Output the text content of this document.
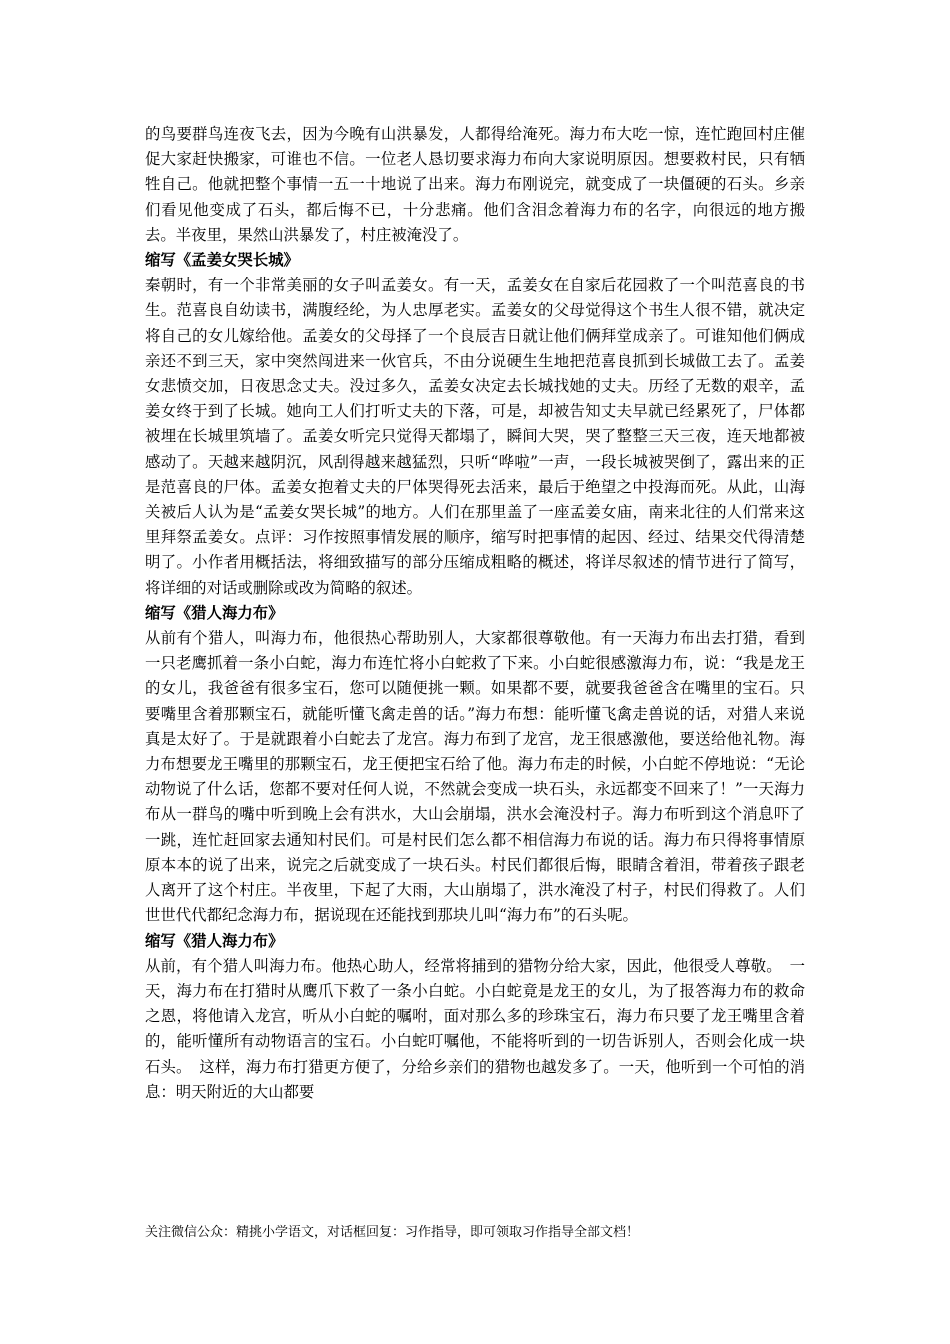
的鸟要群鸟连夜飞去，因为今晚有山洪暴发，人都得给淹死。海力布大吃一惊，连忙跑回村庄催促大家赶快搬家，可谁也不信。一位老人恳切要求海力布向大家说明原因。想要救村民，只有牺牲自己。他就把整个事情一五一十地说了出来。海力布刚说完，就变成了一块僵硬的石头。乡亲们看见他变成了石头，都后悔不已，十分悲痛。他们含泪念着海力布的名字，向很远的地方搬去。半夜里，果然山洪暴发了，村庄被淹没了。

缩写《孟姜女哭长城》

秦朝时，有一个非常美丽的女子叫孟姜女。有一天，孟姜女在自家后花园救了一个叫范喜良的书生。范喜良自幼读书，满腹经纶，为人忠厚老实。孟姜女的父母觉得这个书生人很不错，就决定将自己的女儿嫁给他。孟姜女的父母择了一个良辰吉日就让他们俩拜堂成亲了。可谁知他们俩成亲还不到三天，家中突然闯进来一伙官兵，不由分说硬生生地把范喜良抓到长城做工去了。孟姜女悲愤交加，日夜思念丈夫。没过多久，孟姜女决定去长城找她的丈夫。历经了无数的艰辛，孟姜女终于到了长城。她向工人们打听丈夫的下落，可是，却被告知丈夫早就已经累死了，尸体都被埋在长城里筑墙了。孟姜女听完只觉得天都塌了，瞬间大哭，哭了整整三天三夜，连天地都被感动了。天越来越阴沉，风刮得越来越猛烈，只听“哗啦”一声，一段长城被哭倒了，露出来的正是范喜良的尸体。孟姜女抱着丈夫的尸体哭得死去活来，最后于绝望之中投海而死。从此，山海关被后人认为是“孟姜女哭长城”的地方。人们在那里盖了一座孟姜女庙，南来北往的人们常来这里拜祭孟姜女。点评：习作按照事情发展的顺序，缩写时把事情的起因、经过、结果交代得清楚明了。小作者用概括法，将细致描写的部分压缩成粗略的概述，将详尽叙述的情节进行了简写，将详细的对话或删除或改为简略的叙述。

缩写《猎人海力布》

从前有个猎人，叫海力布，他很热心帮助别人，大家都很尊敬他。有一天海力布出去打猎，看到一只老鹰抓着一条小白蛇，海力布连忙将小白蛇救了下来。小白蛇很感激海力布，说：“我是龙王的女儿，我爸爸有很多宝石，您可以随便挑一颗。如果都不要，就要我爸爸含在嘴里的宝石。只要嘴里含着那颗宝石，就能听懂飞禽走兽的话。”海力布想：能听懂飞禽走兽说的话，对猎人来说真是太好了。于是就跟着小白蛇去了龙宫。海力布到了龙宫，龙王很感激他，要送给他礼物。海力布想要龙王嘴里的那颗宝石，龙王便把宝石给了他。海力布走的时候，小白蛇不停地说：“无论动物说了什么话，您都不要对任何人说，不然就会变成一块石头，永远都变不回来了！”一天海力布从一群鸟的嘴中听到晚上会有洪水，大山会崩塌，洪水会淹没村子。海力布听到这个消息吓了一跳，连忙赶回家去通知村民们。可是村民们怎么都不相信海力布说的话。海力布只得将事情原原本本的说了出来，说完之后就变成了一块石头。村民们都很后悔，眼睛含着泪，带着孩子跟老人离开了这个村庄。半夜里，下起了大雨，大山崩塌了，洪水淹没了村子，村民们得救了。人们世世代代都纪念海力布，据说现在还能找到那块儿叫“海力布”的石头呢。

缩写《猎人海力布》

从前，有个猎人叫海力布。他热心助人，经常将捕到的猎物分给大家，因此，他很受人尊敬。　一天，海力布在打猎时从鹰爪下救了一条小白蛇。小白蛇竟是龙王的女儿，为了报答海力布的救命之恩，将他请入龙宫，听从小白蛇的嘱咐，面对那么多的珍珠宝石，海力布只要了龙王嘴里含着的，能听懂所有动物语言的宝石。小白蛇叮嘱他，不能将听到的一切告诉别人，否则会化成一块石头。　这样，海力布打猎更方便了，分给乡亲们的猎物也越发多了。一天，他听到一个可怕的消息：明天附近的大山都要

关注微信公众：精挑小学语文，对话框回复：习作指导，即可领取习作指导全部文档！
